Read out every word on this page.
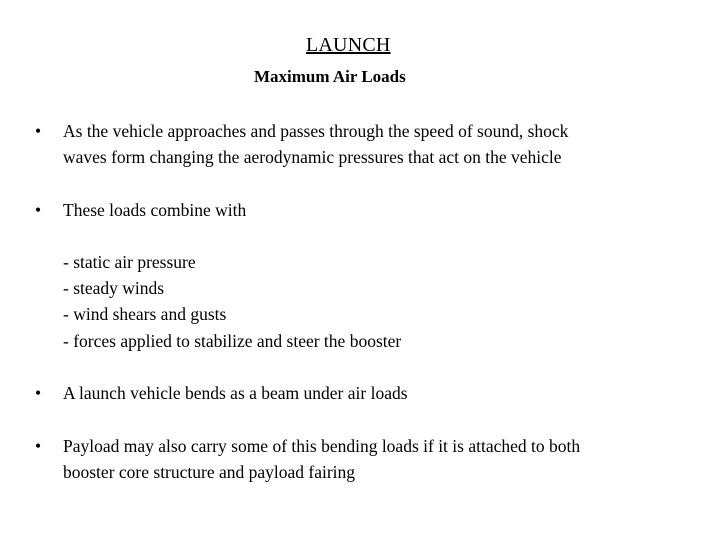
LAUNCH
Maximum Air Loads
•	As the vehicle approaches and passes through the speed of sound, shock
waves form changing the aerodynamic pressures that act on the vehicle
•	These loads combine with
- static air pressure
- steady winds
- wind shears and gusts
- forces applied to stabilize and steer the booster
•	A launch vehicle bends as a beam under air loads
•	Payload may also carry some of this bending loads if it is attached to both
booster core structure and payload fairing
